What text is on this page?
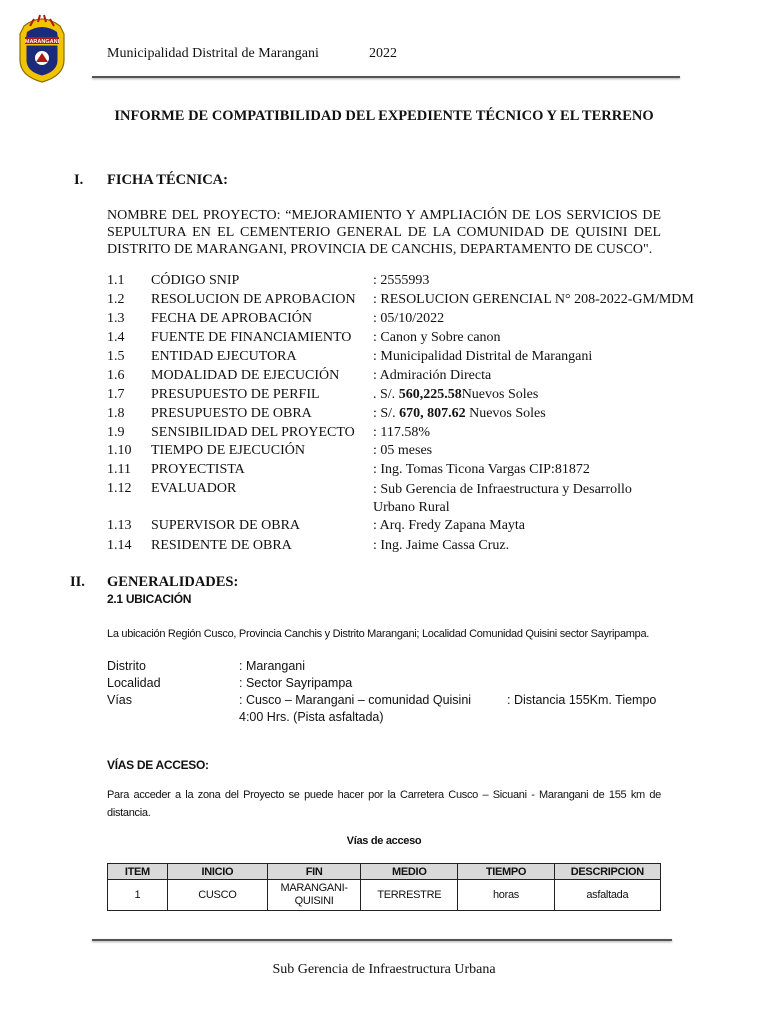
MARANGANI
Municipalidad Distrital de Marangani	2022
INFORME DE COMPATIBILIDAD DEL EXPEDIENTE TÉCNICO Y EL TERRENO
I. FICHA TÉCNICA:
NOMBRE DEL PROYECTO: “MEJORAMIENTO Y AMPLIACIÓN DE LOS SERVICIOS DE SEPULTURA EN EL CEMENTERIO GENERAL DE LA COMUNIDAD DE QUISINI DEL DISTRITO DE MARANGANI, PROVINCIA DE CANCHIS, DEPARTAMENTO DE CUSCO".
1.1 CÓDIGO SNIP	: 2555993
1.2 RESOLUCION DE APROBACION : RESOLUCION GERENCIAL N° 208-2022-GM/MDM
1.3 FECHA DE APROBACIÓN	: 05/10/2022
1.4 FUENTE DE FINANCIAMIENTO : Canon y Sobre canon
1.5 ENTIDAD EJECUTORA	: Municipalidad Distrital de Marangani
1.6 MODALIDAD DE EJECUCIÓN : Admiración Directa
1.7 PRESUPUESTO DE PERFIL	. S/. 560,225.58Nuevos Soles
1.8 PRESUPUESTO DE OBRA	: S/. 670, 807.62 Nuevos Soles
1.9 SENSIBILIDAD DEL PROYECTO : 117.58%
1.10 TIEMPO DE EJECUCIÓN	: 05 meses
1.11 PROYECTISTA	: Ing. Tomas Ticona Vargas CIP:81872
1.12 EVALUADOR	: Sub Gerencia de Infraestructura y Desarrollo Urbano Rural
1.13 SUPERVISOR DE OBRA	: Arq. Fredy Zapana Mayta
1.14 RESIDENTE DE OBRA	: Ing. Jaime Cassa Cruz.
II. GENERALIDADES:
2.1 UBICACIÓN
La ubicación Región Cusco, Provincia Canchis y Distrito Marangani; Localidad Comunidad Quisini sector Sayripampa.
Distrito	: Marangani
Localidad	: Sector Sayripampa
Vías	: Cusco – Marangani – comunidad Quisini	: Distancia 155Km. Tiempo
4:00 Hrs. (Pista asfaltada)
VÍAS DE ACCESO:
Para acceder a la zona del Proyecto se puede hacer por la Carretera Cusco – Sicuani - Marangani de 155 km de distancia.
Vías de acceso
ITEM	INICIO	FIN	MEDIO	TIEMPO	DESCRIPCION
1	CUSCO	MARANGANI-QUISINI	TERRESTRE	horas	asfaltada
Sub Gerencia de Infraestructura Urbana
